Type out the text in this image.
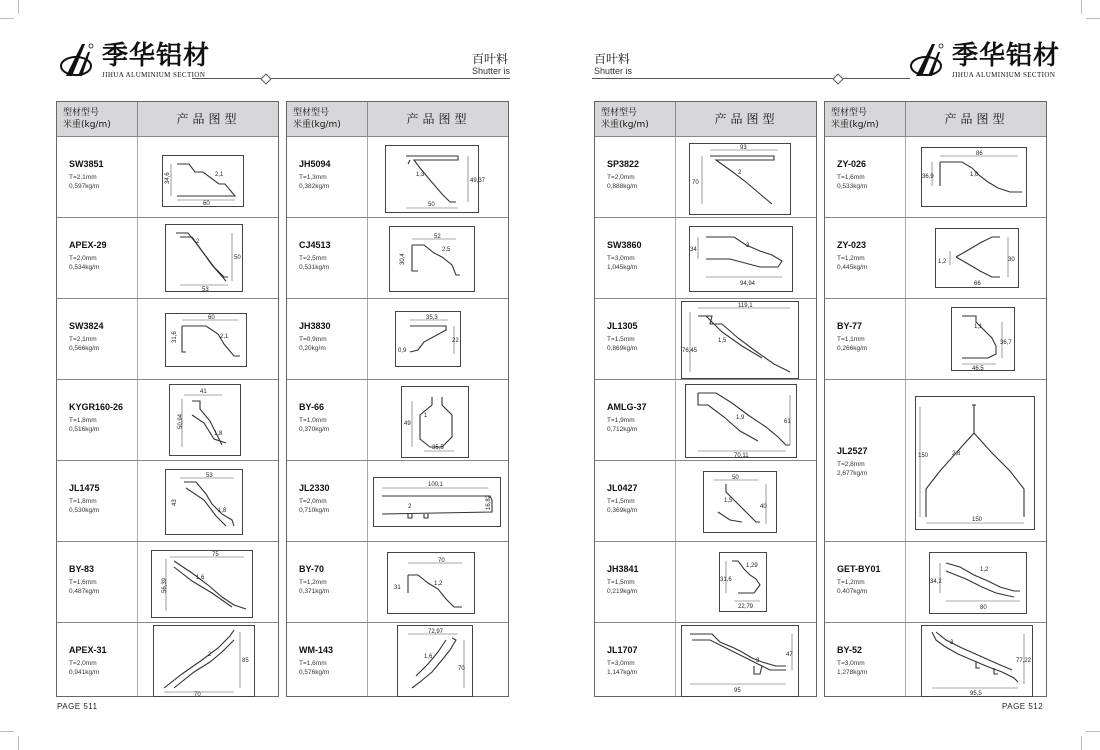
季华铝材
JIHUA ALUMINIUM SECTION
百叶料
Shutter is
型材型号
米重(kg/m)	产品图型
SW3851
T=2,1mm
0,597kg/m
34,6	2,1
60
APEX-29
T=2,0mm
0,534kg/m
2
50
53
SW3824
T=2,1mm
0,566kg/m
60
31,6	2,1
KYGR160-26
T=1,8mm
0,516kg/m
41
50,94
1,8
JL1475
T=1,8mm
0,530kg/m
53
43
1,8
BY-83
T=1,6mm
0,487kg/m
75
56,39	1,6
APEX-31
T=2,0mm
0,941kg/m
2
85
70
型材型号
米重(kg/m)	产品图型
JH5094
T=1,3mm
0,382kg/m
1,3
49,37
50
CJ4513
T=2,5mm
0,531kg/m
52
30,4
2,5
JH3830
T=0,9mm
0,20kg/m
35,3
0,9
22
BY-66
T=1,0mm
0,370kg/m
49
1
35,5
JL2330
T=2,0mm
0,710kg/m
100,1
2	16,82
BY-70
T=1,2mm
0,371kg/m
70
31
1,2
WM-143
T=1,6mm
0,576kg/m
72,97
1,6
70
PAGE 511
季华铝材
JIHUA ALUMINIUM SECTION
百叶料
Shutter is
型材型号
米重(kg/m)	产品图型
SP3822
T=2,0mm
0,888kg/m
93
70
2
SW3860
T=3,0mm
1,045kg/m
34
3
94,94
JL1305
T=1,5mm
0,869kg/m
119,1
76,45
1,5
AMLG-37
T=1,9mm
0,712kg/m
1,9
61
70,11
JL0427
T=1,5mm
0,369kg/m
50
1,5
40
JH3841
T=1,5mm
0,219kg/m
31,6
1,29
22,79
JL1707
T=3,0mm
1,147kg/m
47
3
95
型材型号
米重(kg/m)	产品图型
ZY-026
T=1,6mm
0,533kg/m
86
36,9	1,6
ZY-023
T=1,2mm
0,445kg/m
1,2	30
66
BY-77
T=1,1mm
0,266kg/m
1,1
36,7
46,5
JL2527
T=2,8mm
2,677kg/m
150	2,8
150
GET-BY01
T=1,2mm
0,407kg/m
34,2
1,2
80
BY-52
T=3,0mm
1,278kg/m
3
77,22
95,5
PAGE 512
